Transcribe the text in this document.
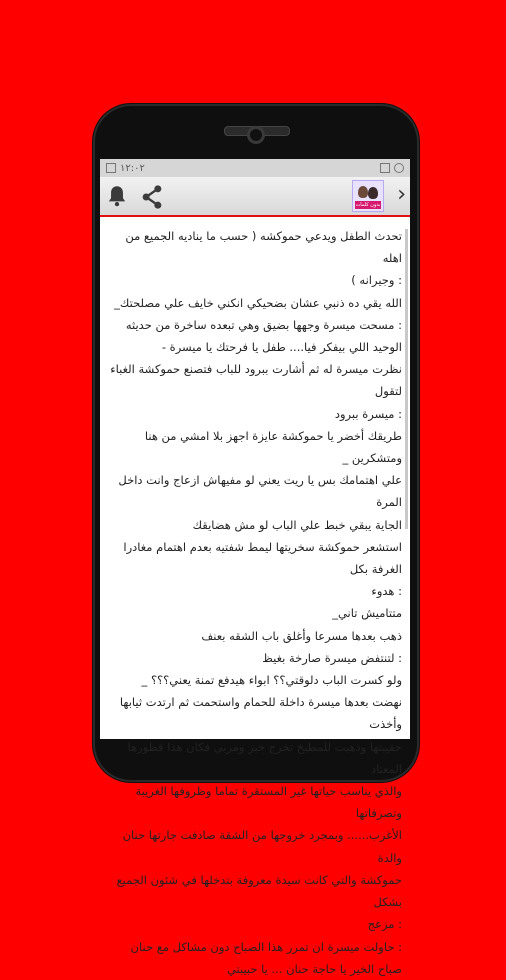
١٢:٠٢
بدون كلمات ›

تحدث الطفل ويدعي حموكشه ( حسب ما يناديه الجميع من اهله
: وجيرانه )
الله يقي ده ذنبي عشان بضحيكي انكني خايف علي مصلحتك_
: مسحت ميسرة وجهها بضيق وهي تبعده ساخرة من حديثه
الوحيد اللي بيفكر فيا.... طفل يا فرحتك يا ميسرة -
نظرت ميسرة له ثم أشارت ببرود للباب فتصنع حموكشة الغباء لتقول
: ميسرة ببرود
طريقك أخضر يا حموكشة عايزة اجهز بلا امشي من هنا ومتشكرين _
علي اهتمامك بس يا ريت يعني لو مفيهاش ازعاج وانت داخل المرة
الجاية يبقي خبط علي الباب لو مش هضايقك
استشعر حموكشة سخريتها ليمط شفتيه بعدم اهتمام مغادرا الغرفة بكل
: هدوء
متتاميش تاني_
ذهب بعدها مسرعا وأغلق باب الشقه بعنف
: لتنتفض ميسرة صارخة بغيظ
ولو كسرت الباب دلوقتي؟؟ ابواء هيدفع تمنة يعني؟؟؟ _
نهضت بعدها ميسرة داخلة للحمام واستحمت ثم ارتدت ثيابها وأخذت
حقيبتها وذهبت للمطبخ تخرج خبز ومربي فكان هذا فطورها المعتاد
والذي يناسب حياتها غير المستقرة تماما وظروفها الغريبة وتصرفاتها
الأغرب...... وبمجرد خروجها من الشقة صادفت جارتها حنان والدة
حموكشة والتي كانت سيدة معروفة بتدخلها في شئون الجميع بشكل
: مزعج
: حاولت ميسرة ان تمرر هذا الصباح دون مشاكل مع حنان
صباح الخير يا حاجة حنان ... يا حبيبتي
